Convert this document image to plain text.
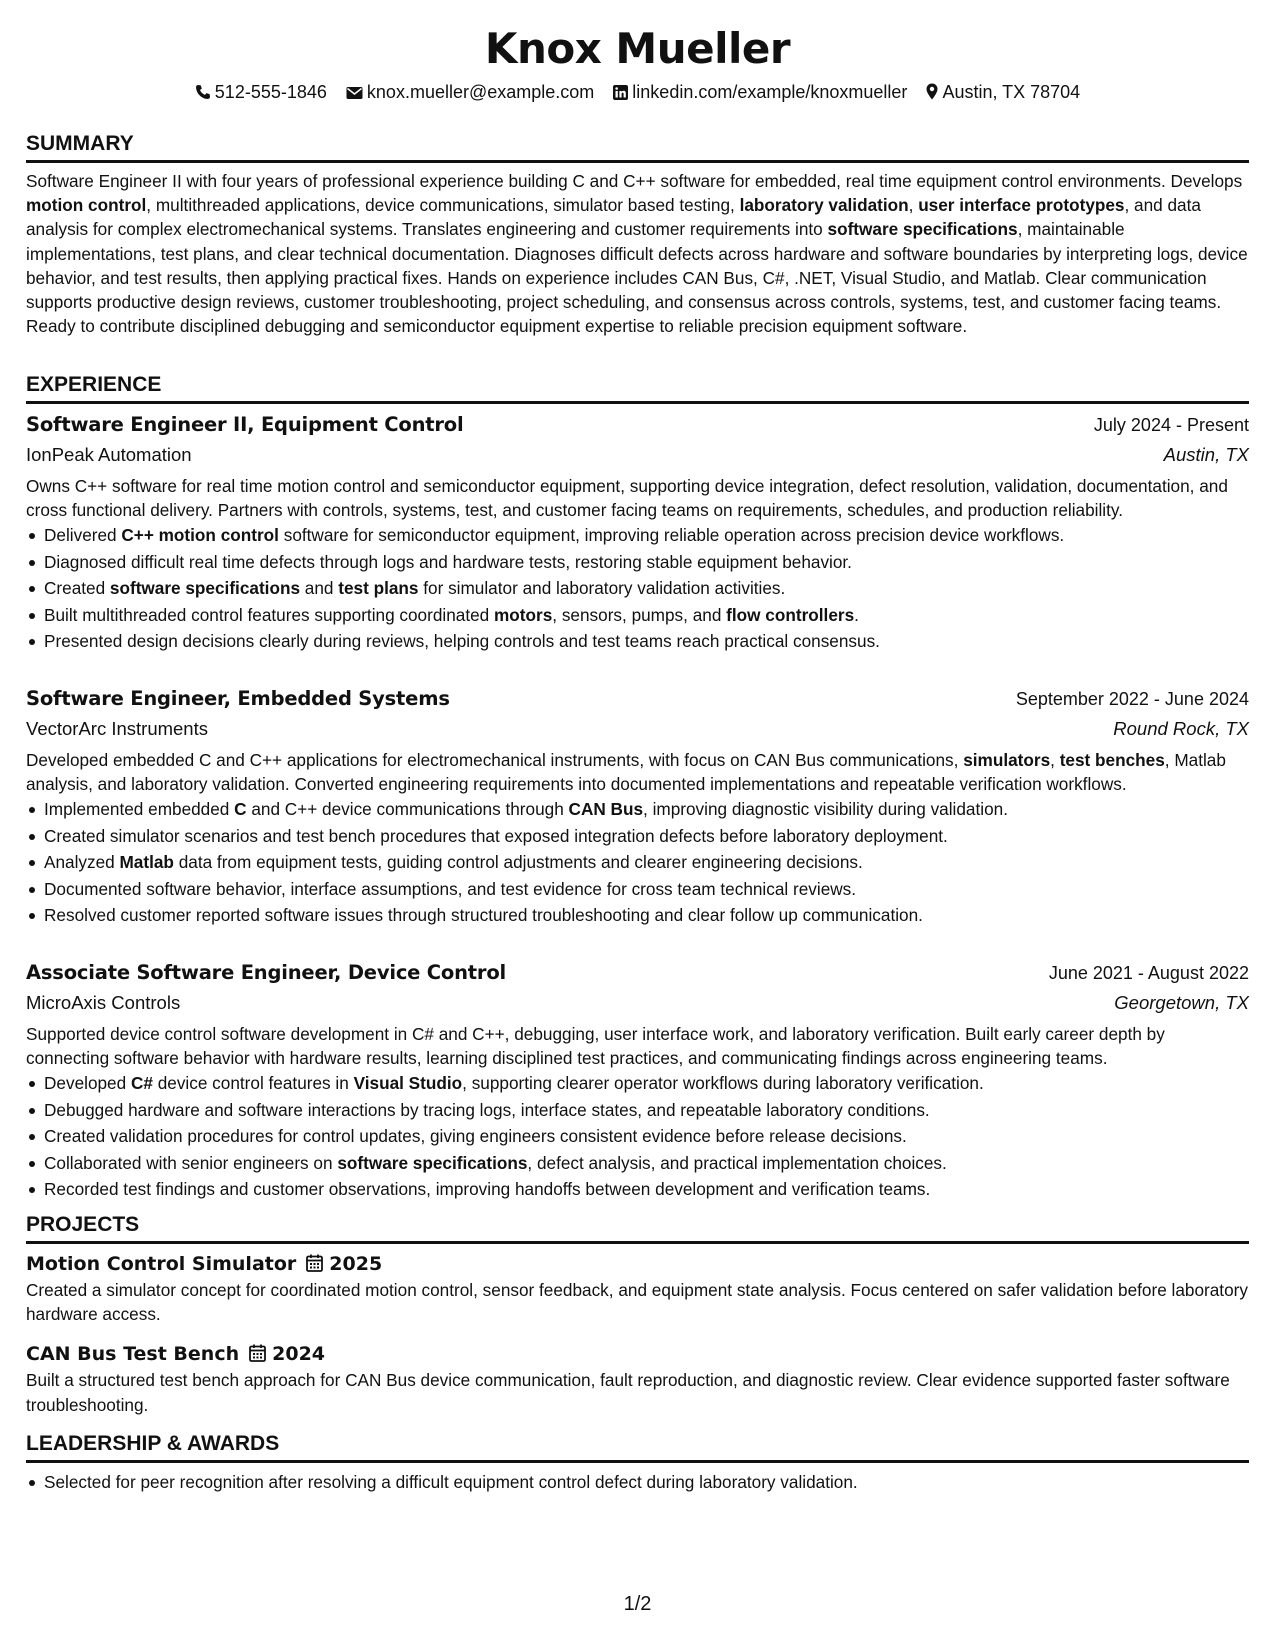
Knox Mueller
512-555-1846 knox.mueller@example.com linkedin.com/example/knoxmueller Austin, TX 78704
SUMMARY

Software Engineer II with four years of professional experience building C and C++ software for embedded, real time equipment control environments. Develops motion control, multithreaded applications, device communications, simulator based testing, laboratory validation, user interface prototypes, and data analysis for complex electromechanical systems. Translates engineering and customer requirements into software specifications, maintainable implementations, test plans, and clear technical documentation. Diagnoses difficult defects across hardware and software boundaries by interpreting logs, device behavior, and test results, then applying practical fixes. Hands on experience includes CAN Bus, C#, .NET, Visual Studio, and Matlab. Clear communication supports productive design reviews, customer troubleshooting, project scheduling, and consensus across controls, systems, test, and customer facing teams. Ready to contribute disciplined debugging and semiconductor equipment expertise to reliable precision equipment software.

EXPERIENCE
Software Engineer II, Equipment Control	July 2024 - Present
IonPeak Automation	Austin, TX

Owns C++ software for real time motion control and semiconductor equipment, supporting device integration, defect resolution, validation, documentation, and cross functional delivery. Partners with controls, systems, test, and customer facing teams on requirements, schedules, and production reliability.

Delivered C++ motion control software for semiconductor equipment, improving reliable operation across precision device workflows.
Diagnosed difficult real time defects through logs and hardware tests, restoring stable equipment behavior.
Created software specifications and test plans for simulator and laboratory validation activities.
Built multithreaded control features supporting coordinated motors, sensors, pumps, and flow controllers.
Presented design decisions clearly during reviews, helping controls and test teams reach practical consensus.
Software Engineer, Embedded Systems	September 2022 - June 2024
VectorArc Instruments	Round Rock, TX

Developed embedded C and C++ applications for electromechanical instruments, with focus on CAN Bus communications, simulators, test benches, Matlab analysis, and laboratory validation. Converted engineering requirements into documented implementations and repeatable verification workflows.

Implemented embedded C and C++ device communications through CAN Bus, improving diagnostic visibility during validation.
Created simulator scenarios and test bench procedures that exposed integration defects before laboratory deployment.
Analyzed Matlab data from equipment tests, guiding control adjustments and clearer engineering decisions.
Documented software behavior, interface assumptions, and test evidence for cross team technical reviews.
Resolved customer reported software issues through structured troubleshooting and clear follow up communication.
Associate Software Engineer, Device Control	June 2021 - August 2022
MicroAxis Controls	Georgetown, TX

Supported device control software development in C# and C++, debugging, user interface work, and laboratory verification. Built early career depth by connecting software behavior with hardware results, learning disciplined test practices, and communicating findings across engineering teams.

Developed C# device control features in Visual Studio, supporting clearer operator workflows during laboratory verification.
Debugged hardware and software interactions by tracing logs, interface states, and repeatable laboratory conditions.
Created validation procedures for control updates, giving engineers consistent evidence before release decisions.
Collaborated with senior engineers on software specifications, defect analysis, and practical implementation choices.
Recorded test findings and customer observations, improving handoffs between development and verification teams.
PROJECTS
Motion Control Simulator 2025

Created a simulator concept for coordinated motion control, sensor feedback, and equipment state analysis. Focus centered on safer validation before laboratory hardware access.

CAN Bus Test Bench 2024

Built a structured test bench approach for CAN Bus device communication, fault reproduction, and diagnostic review. Clear evidence supported faster software troubleshooting.

LEADERSHIP & AWARDS
Selected for peer recognition after resolving a difficult equipment control defect during laboratory validation.
1/2
